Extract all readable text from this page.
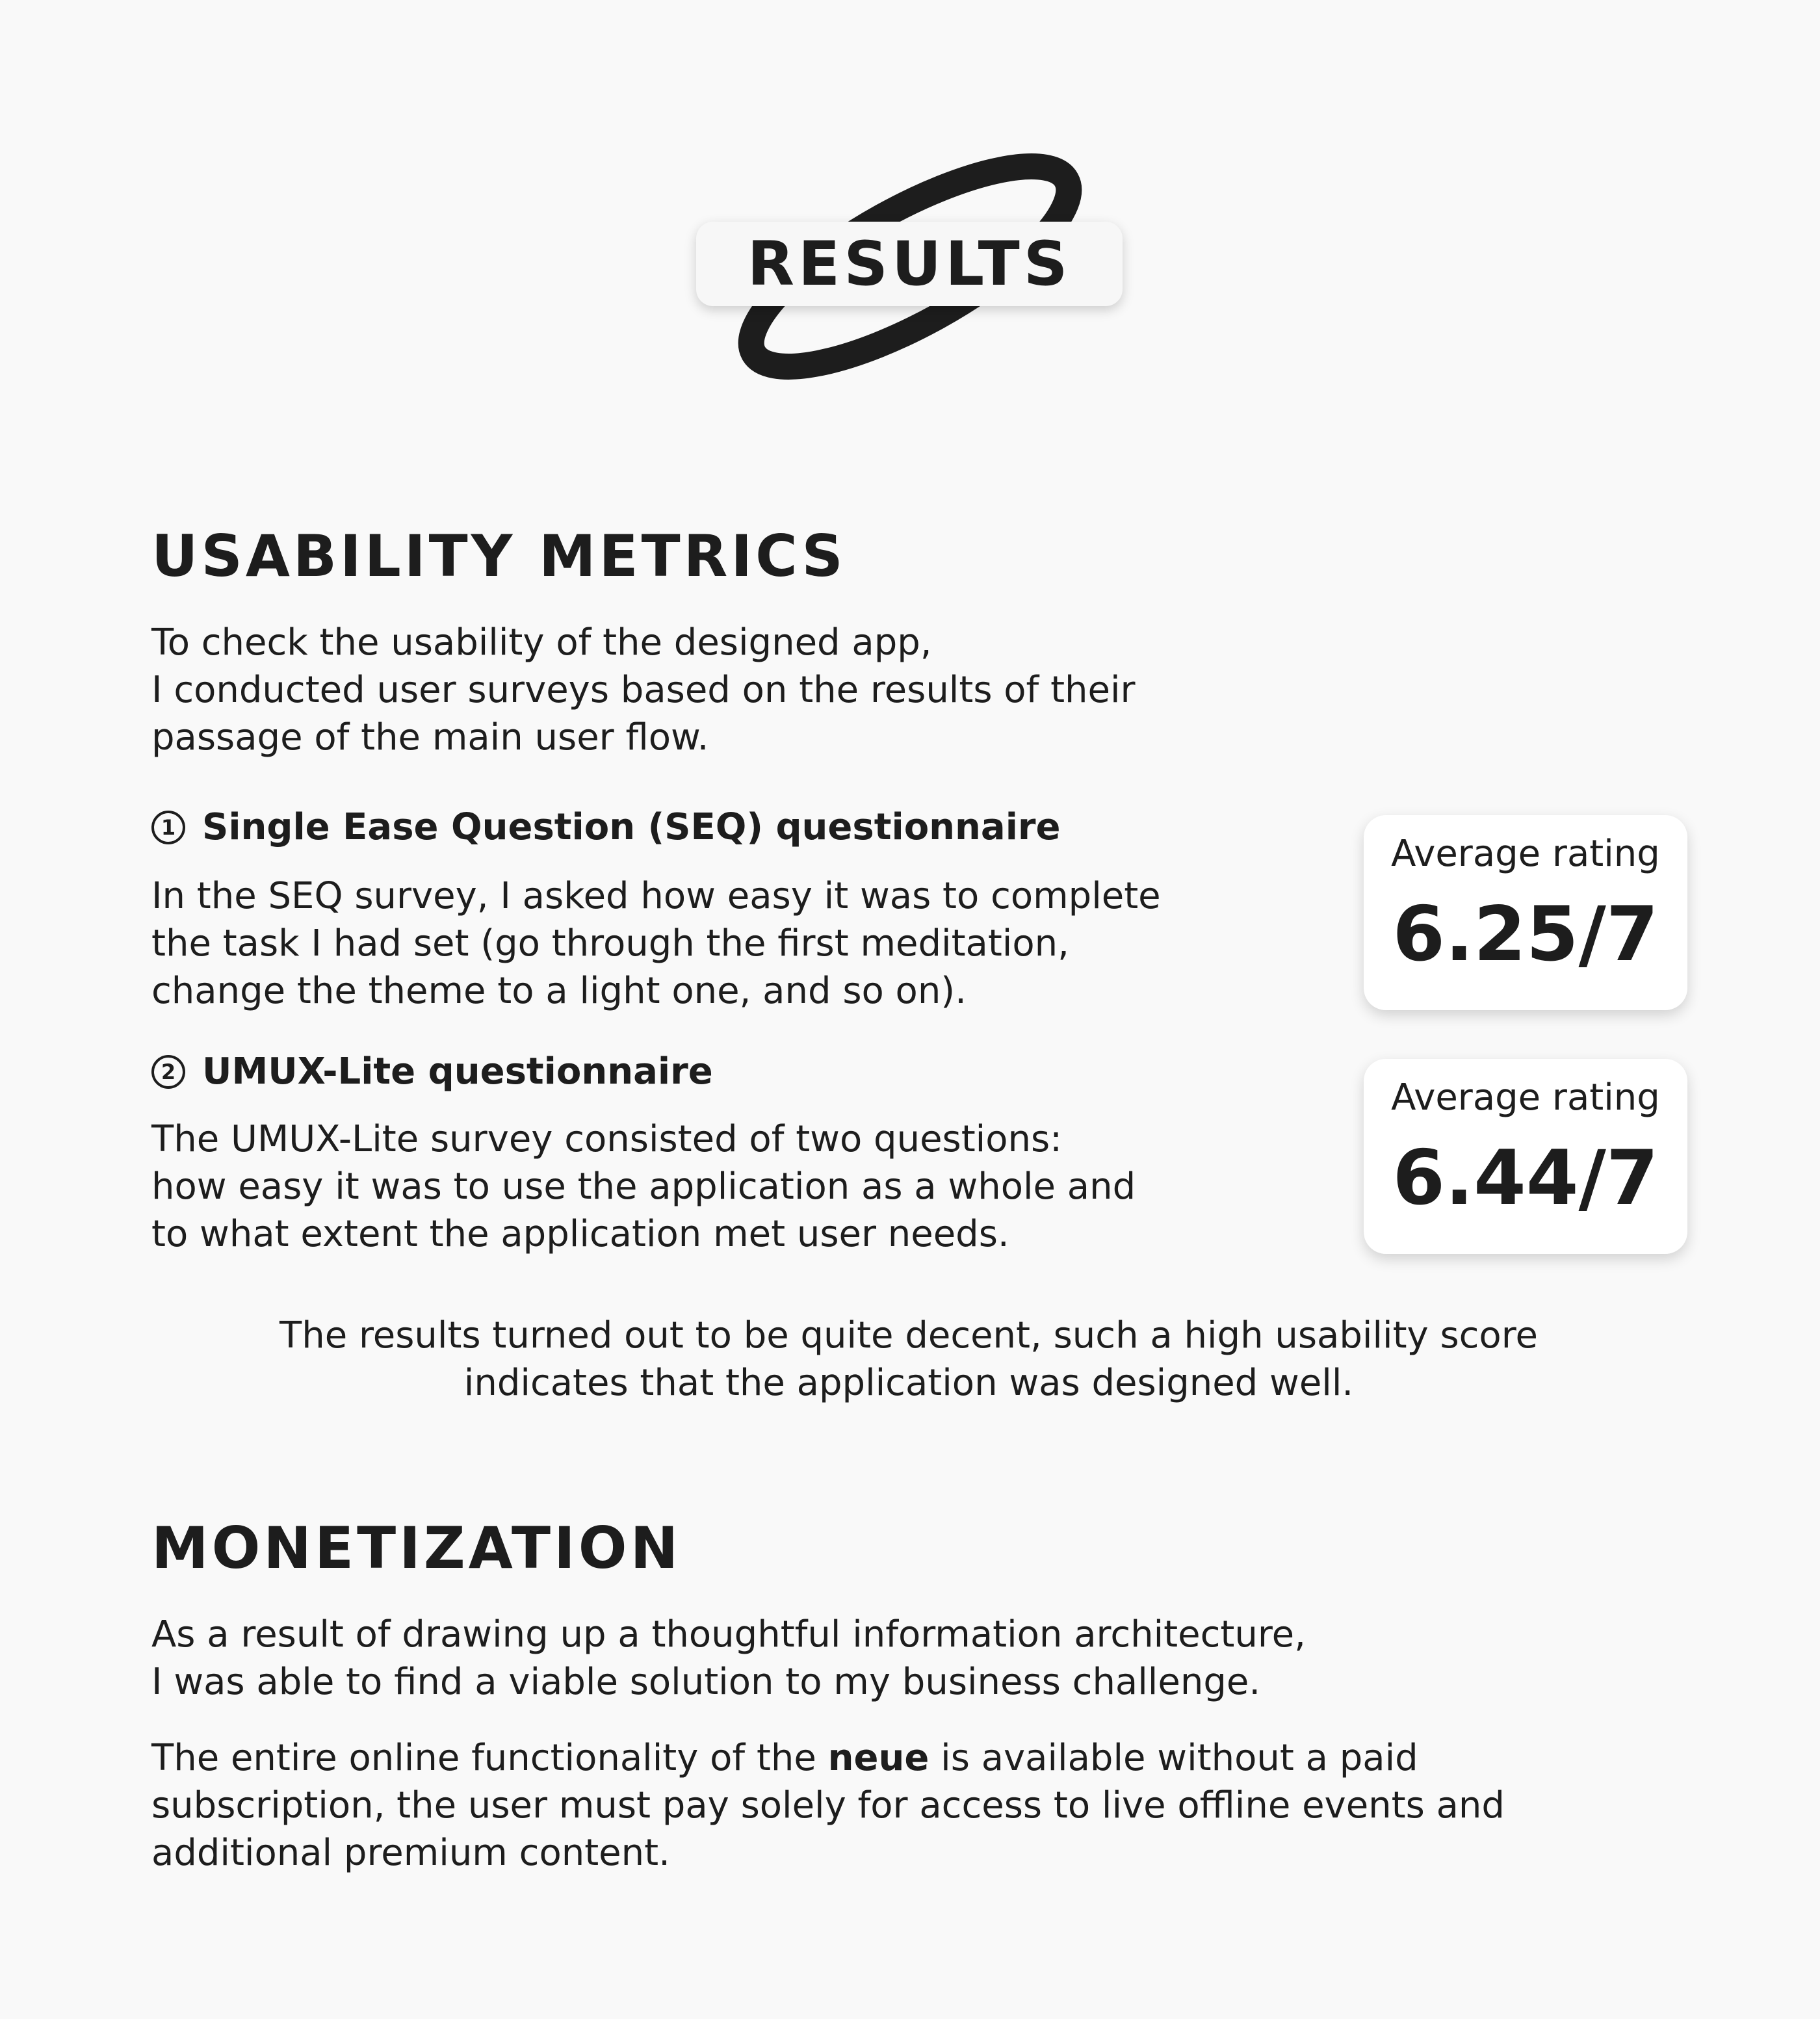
RESULTS
USABILITY METRICS

To check the usability of the designed app,
I conducted user surveys based on the results of their
passage of the main user flow.

1 Single Ease Question (SEQ) questionnaire

In the SEQ survey, I asked how easy it was to complete
the task I had set (go through the first meditation,
change the theme to a light one, and so on).

Average rating
6.25/7
2 UMUX-Lite questionnaire

The UMUX-Lite survey consisted of two questions:
how easy it was to use the application as a whole and
to what extent the application met user needs.

Average rating
6.44/7

The results turned out to be quite decent, such a high usability score
indicates that the application was designed well.

MONETIZATION

As a result of drawing up a thoughtful information architecture,
I was able to find a viable solution to my business challenge.

The entire online functionality of the neue is available without a paid
subscription, the user must pay solely for access to live offline events and
additional premium content.
